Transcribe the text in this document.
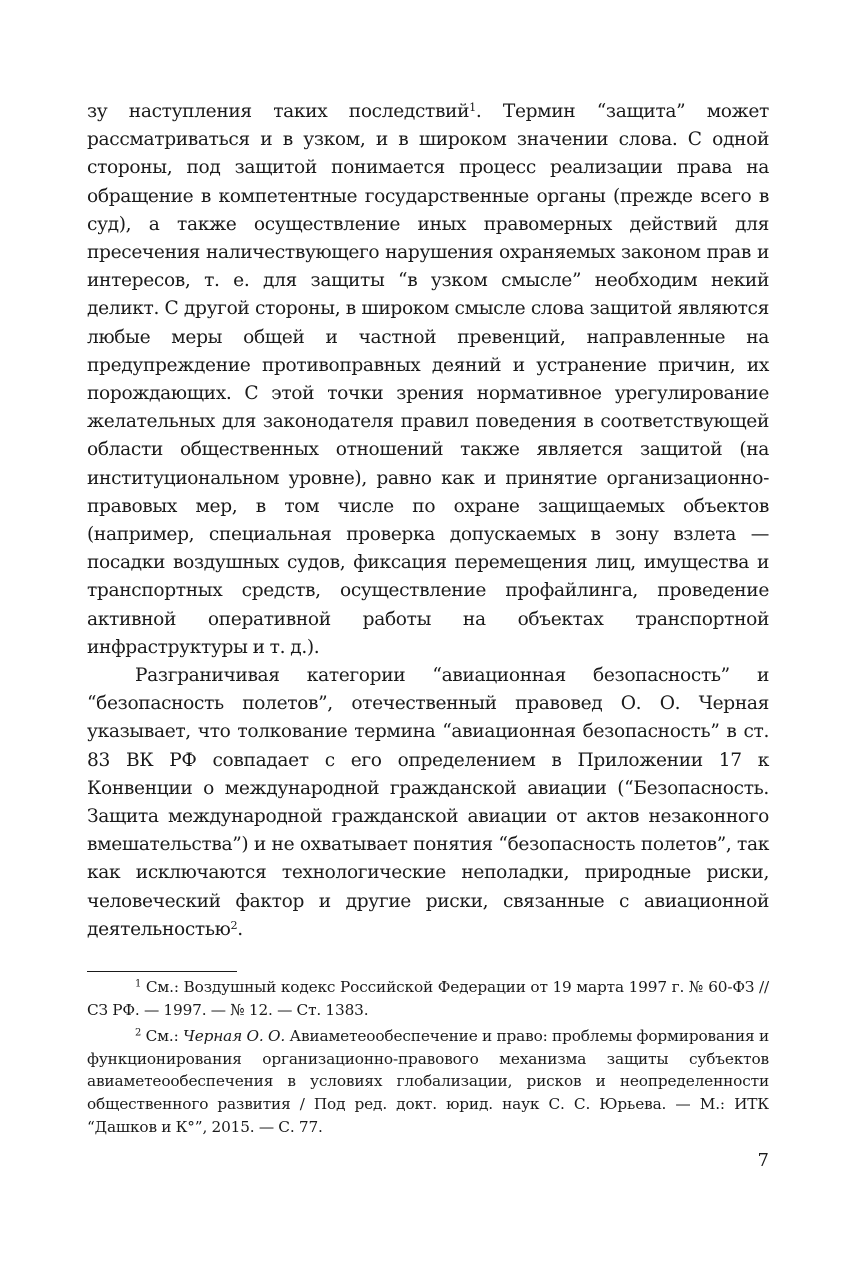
зу наступления таких последствий$^1$. Термин “защита” может рассматриваться и в узком, и в широком значении слова. С одной стороны, под защитой понимается процесс реализации права на обращение в компетентные государственные органы (прежде всего в суд), а также осуществление иных правомерных действий для пресечения наличествующего нарушения охраняемых законом прав и интересов, т. е. для защиты “в узком смысле” необходим некий деликт. С другой стороны, в широком смысле слова защитой являются любые меры общей и частной превенций, направленные на предупреждение противоправных деяний и устранение причин, их порождающих. С этой точки зрения нормативное урегулирование желательных для законодателя правил поведения в соответствующей области общественных отношений также является защитой (на институциональном уровне), равно как и принятие организационно-правовых мер, в том числе по охране защищаемых объектов (например, специальная проверка допускаемых в зону взлета — посадки воздушных судов, фиксация перемещения лиц, имущества и транспортных средств, осуществление профайлинга, проведение активной оперативной работы на объектах транспортной инфраструктуры и т. д.).

Разграничивая категории “авиационная безопасность” и “безопасность полетов”, отечественный правовед О. О. Черная указывает, что толкование термина “авиационная безопасность” в ст. 83 ВК РФ совпадает с его определением в Приложении 17 к Конвенции о международной гражданской авиации (“Безопасность. Защита международной гражданской авиации от актов незаконного вмешательства”) и не охватывает понятия “безопасность полетов”, так как исключаются технологические неполадки, природные риски, человеческий фактор и другие риски, связанные с авиационной деятельностью$^2$.

$^1$ См.: Воздушный кодекс Российской Федерации от 19 марта 1997 г. № 60-ФЗ // СЗ РФ. — 1997. — № 12. — Ст. 1383.

$^2$ См.: Черная О. О. Авиаметеообеспечение и право: проблемы формирования и функционирования организационно-правового механизма защиты субъектов авиаметеообеспечения в условиях глобализации, рисков и неопределенности общественного развития / Под ред. докт. юрид. наук С. С. Юрьева. — М.: ИТК “Дашков и К°”, 2015. — С. 77.

7
